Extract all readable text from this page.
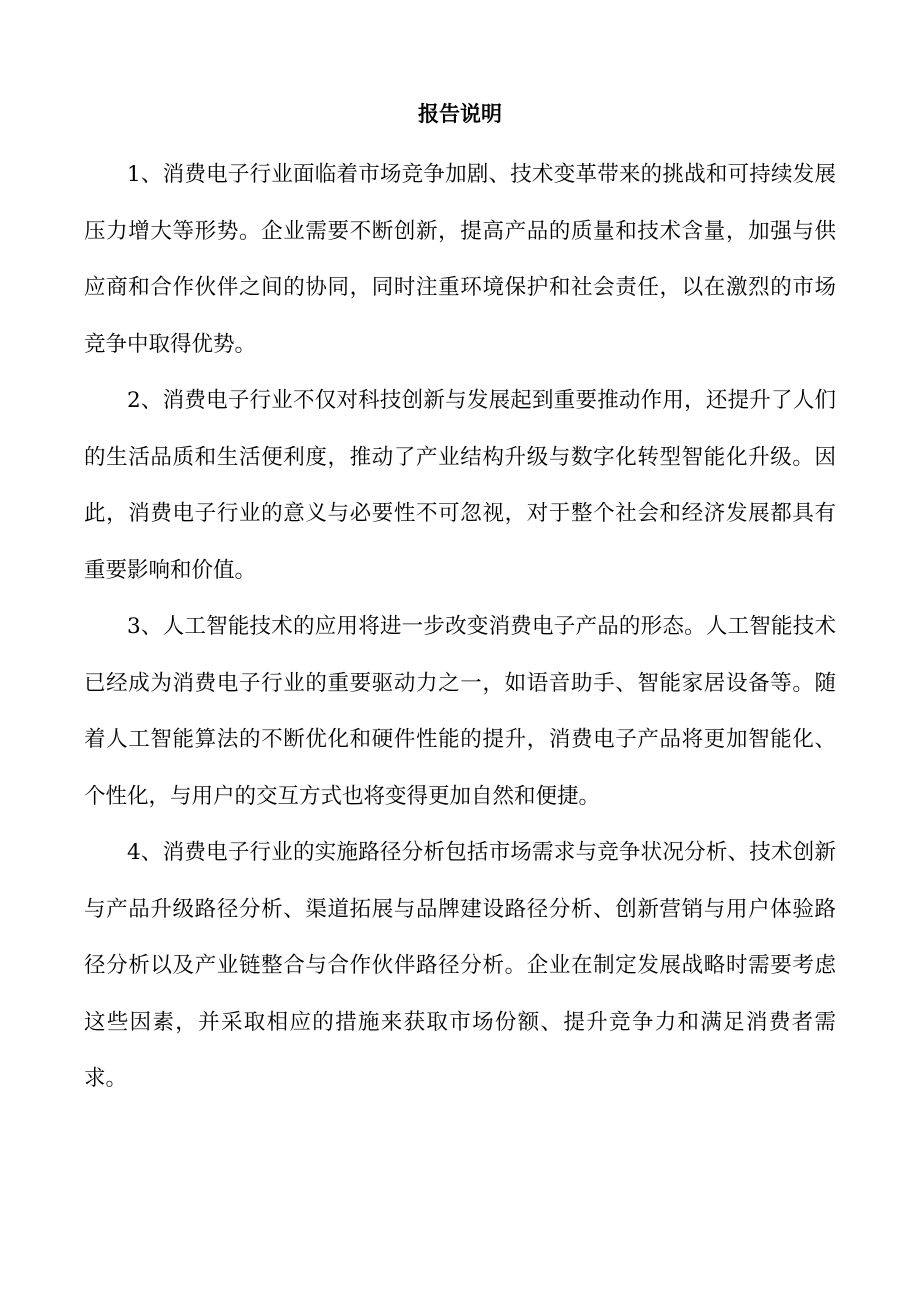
报告说明

1、消费电子行业面临着市场竞争加剧、技术变革带来的挑战和可持续发展压力增大等形势。企业需要不断创新，提高产品的质量和技术含量，加强与供应商和合作伙伴之间的协同，同时注重环境保护和社会责任，以在激烈的市场竞争中取得优势。

2、消费电子行业不仅对科技创新与发展起到重要推动作用，还提升了人们的生活品质和生活便利度，推动了产业结构升级与数字化转型智能化升级。因此，消费电子行业的意义与必要性不可忽视，对于整个社会和经济发展都具有重要影响和价值。

3、人工智能技术的应用将进一步改变消费电子产品的形态。人工智能技术已经成为消费电子行业的重要驱动力之一，如语音助手、智能家居设备等。随着人工智能算法的不断优化和硬件性能的提升，消费电子产品将更加智能化、个性化，与用户的交互方式也将变得更加自然和便捷。

4、消费电子行业的实施路径分析包括市场需求与竞争状况分析、技术创新与产品升级路径分析、渠道拓展与品牌建设路径分析、创新营销与用户体验路径分析以及产业链整合与合作伙伴路径分析。企业在制定发展战略时需要考虑这些因素，并采取相应的措施来获取市场份额、提升竞争力和满足消费者需求。
